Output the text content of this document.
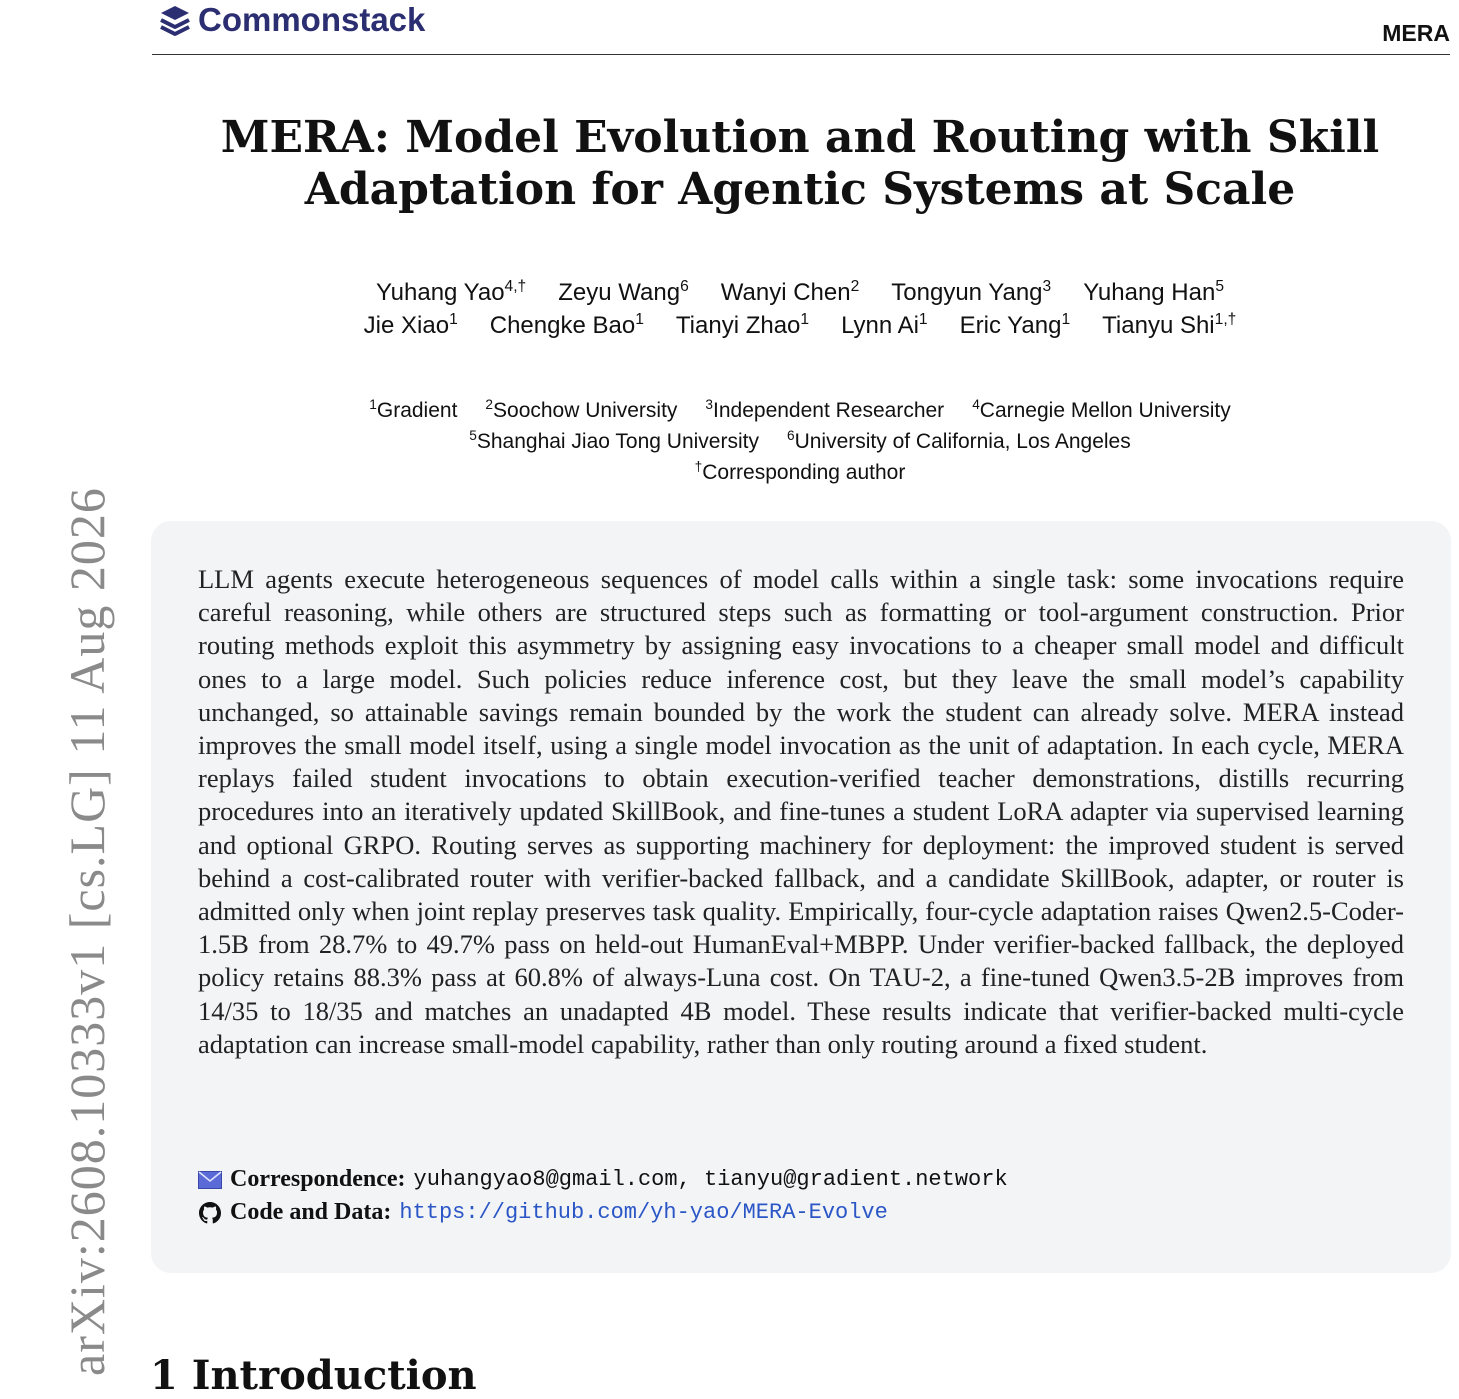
arXiv:2608.10333v1 [cs.LG] 11 Aug 2026
Commonstack	MERA
MERA: Model Evolution and Routing with Skill
Adaptation for Agentic Systems at Scale
Yuhang Yao$^{4,\dagger}$ Zeyu Wang$^6$ Wanyi Chen$^2$ Tongyun Yang$^3$ Yuhang Han$^5$
Jie Xiao$^1$ Chengke Bao$^1$ Tianyi Zhao$^1$ Lynn Ai$^1$ Eric Yang$^1$ Tianyu Shi$^{1,\dagger}$
$^1$Gradient $^2$Soochow University $^3$Independent Researcher $^4$Carnegie Mellon University
$^5$Shanghai Jiao Tong University $^6$University of California, Los Angeles
†Corresponding author
LLM agents execute heterogeneous sequences of model calls within a single task: some invocations require careful reasoning, while others are structured steps such as formatting or tool-argument construction. Prior routing methods exploit this asymmetry by assigning easy invocations to a cheaper small model and difficult ones to a large model. Such policies reduce inference cost, but they leave the small model’s capability unchanged, so attainable savings remain bounded by the work the student can already solve. MERA instead improves the small model itself, using a single model invocation as the unit of adaptation. In each cycle, MERA replays failed student invocations to obtain execution-verified teacher demonstrations, distills recurring procedures into an iteratively updated SkillBook, and fine-tunes a student LoRA adapter via supervised learning and optional GRPO. Routing serves as supporting machinery for deployment: the improved student is served behind a cost-calibrated router with verifier-backed fallback, and a candidate SkillBook, adapter, or router is admitted only when joint replay preserves task quality. Empirically, four-cycle adaptation raises Qwen2.5-Coder-1.5B from 28.7% to 49.7% pass on held-out HumanEval+MBPP. Under verifier-backed fallback, the deployed policy retains 88.3% pass at 60.8% of always-Luna cost. On TAU-2, a fine-tuned Qwen3.5-2B improves from 14/35 to 18/35 and matches an unadapted 4B model. These results indicate that verifier-backed multi-cycle adaptation can increase small-model capability, rather than only routing around a fixed student.
Correspondence: yuhangyao8@gmail.com, tianyu@gradient.network
Code and Data: https://github.com/yh-yao/MERA-Evolve
1 Introduction
